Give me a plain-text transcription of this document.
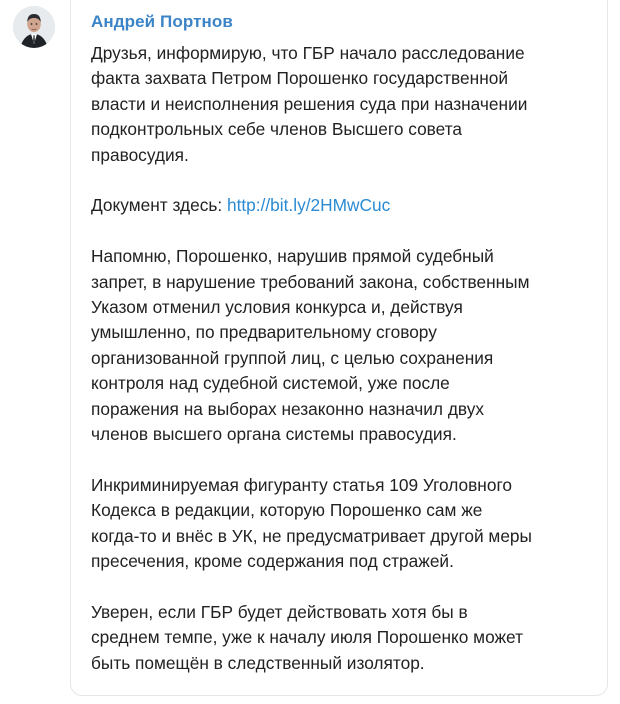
Андрей Портнов

Друзья, информирую, что ГБР начало расследование
факта захвата Петром Порошенко государственной
власти и неисполнения решения суда при назначении
подконтрольных себе членов Высшего совета
правосудия.

Документ здесь: http://bit.ly/2HMwCuc

Напомню, Порошенко, нарушив прямой судебный
запрет, в нарушение требований закона, собственным
Указом отменил условия конкурса и, действуя
умышленно, по предварительному сговору
организованной группой лиц, с целью сохранения
контроля над судебной системой, уже после
поражения на выборах незаконно назначил двух
членов высшего органа системы правосудия.

Инкриминируемая фигуранту статья 109 Уголовного
Кодекса в редакции, которую Порошенко сам же
когда-то и внёс в УК, не предусматривает другой меры
пресечения, кроме содержания под стражей.

Уверен, если ГБР будет действовать хотя бы в
среднем темпе, уже к началу июля Порошенко может
быть помещён в следственный изолятор.
